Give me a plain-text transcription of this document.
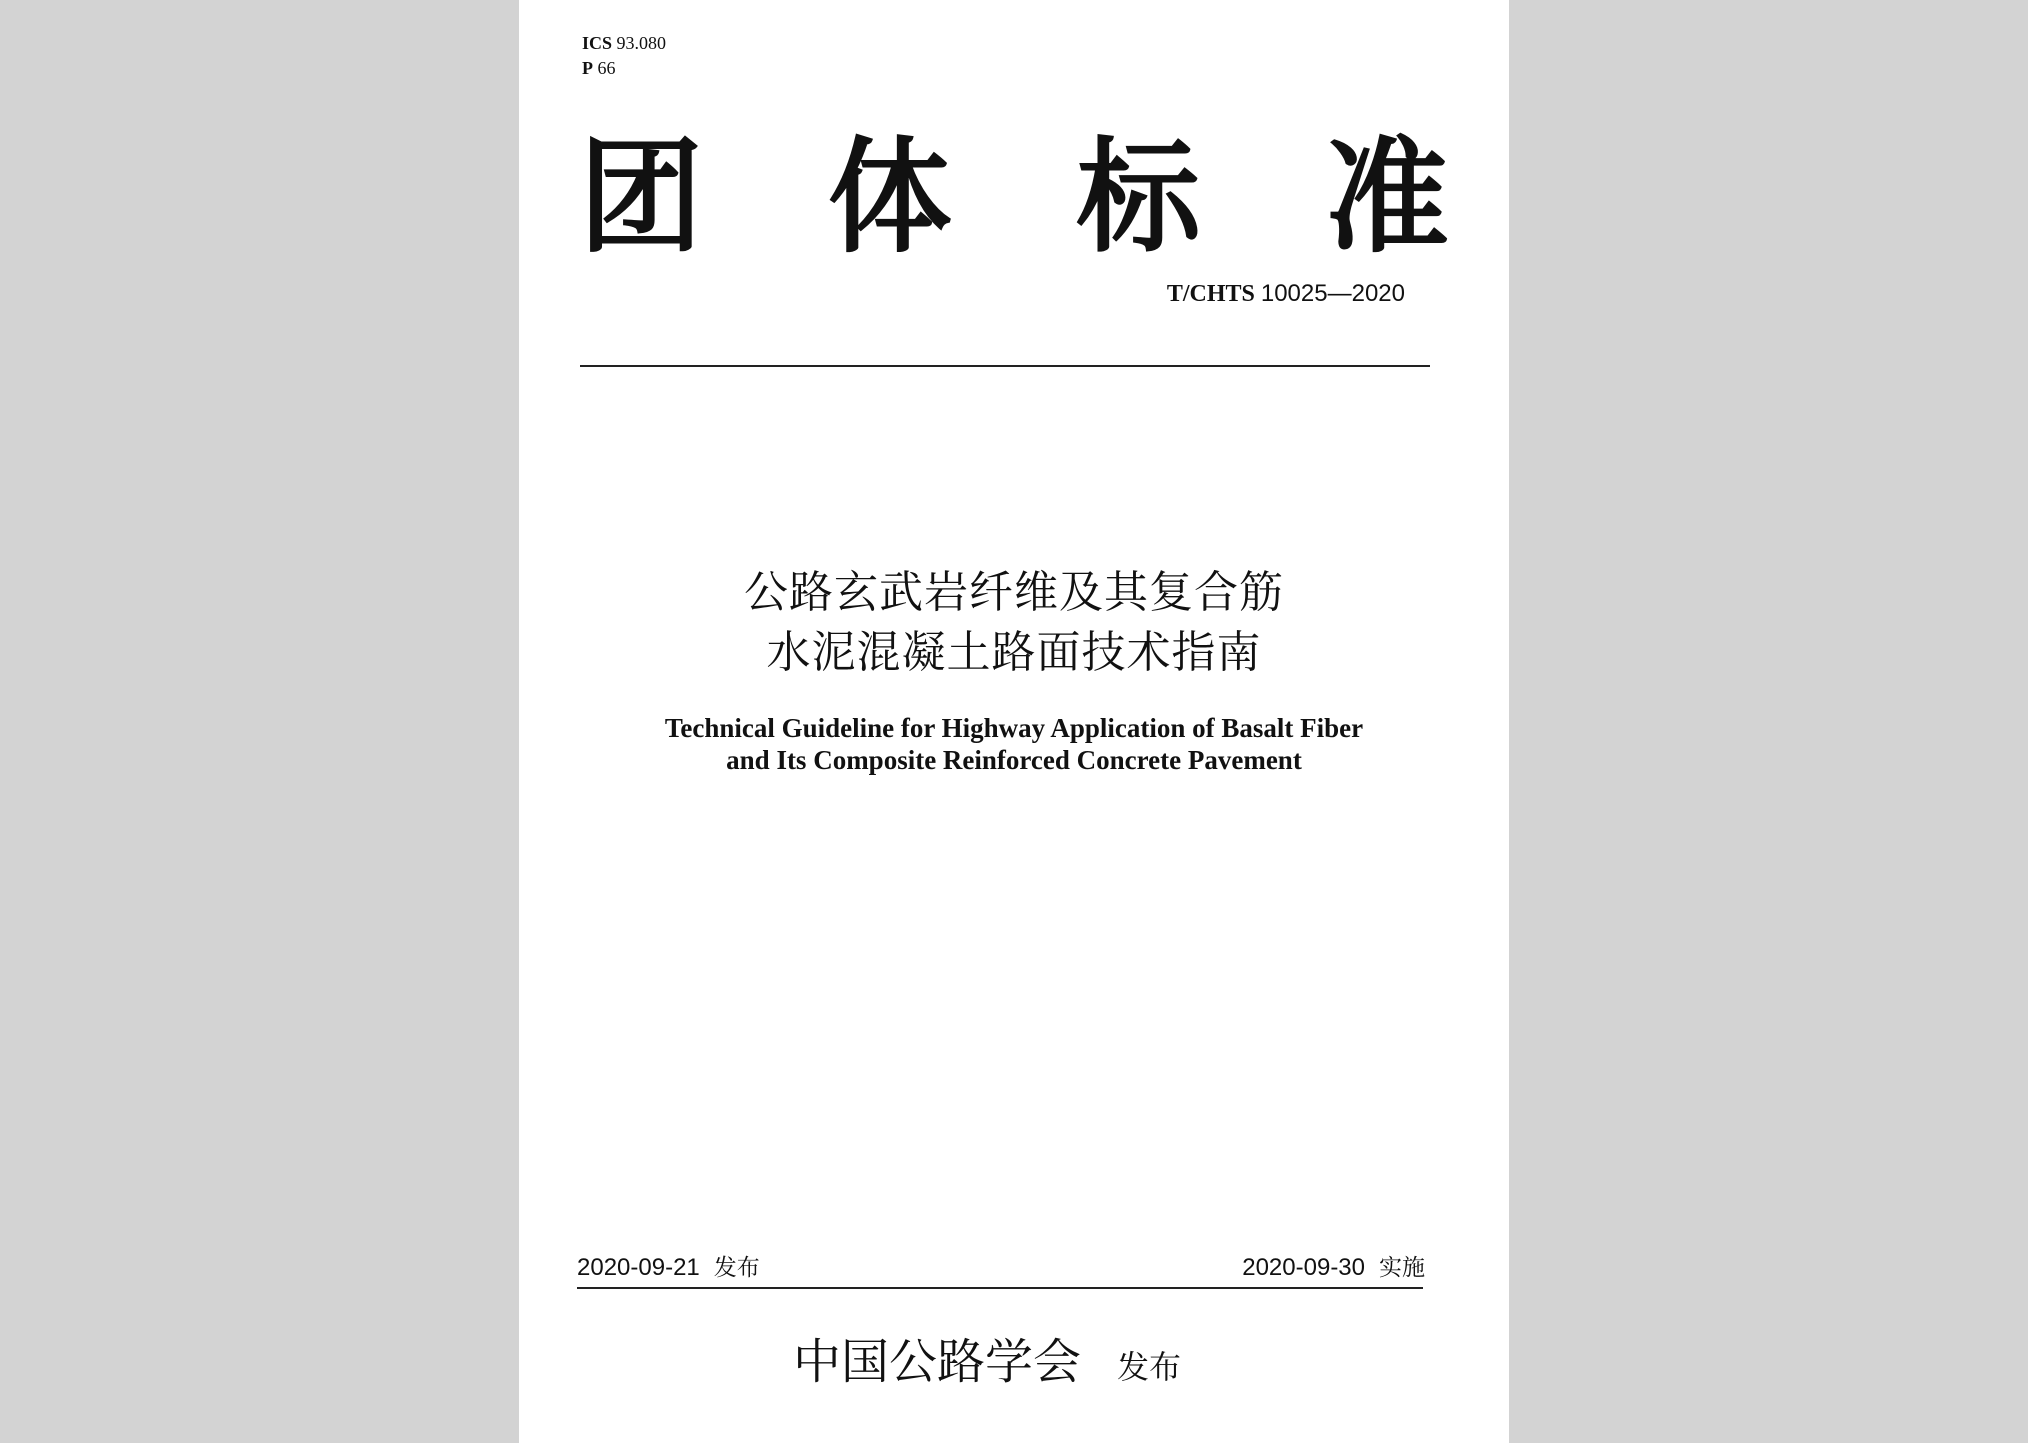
ICS 93.080
P 66
团 体 标 准
T/CHTS 10025—2020
公路玄武岩纤维及其复合筋
水泥混凝土路面技术指南
Technical Guideline for Highway Application of Basalt Fiber
and Its Composite Reinforced Concrete Pavement
2020-09-21 发布	2020-09-30 实施
中国公路学会 发布
